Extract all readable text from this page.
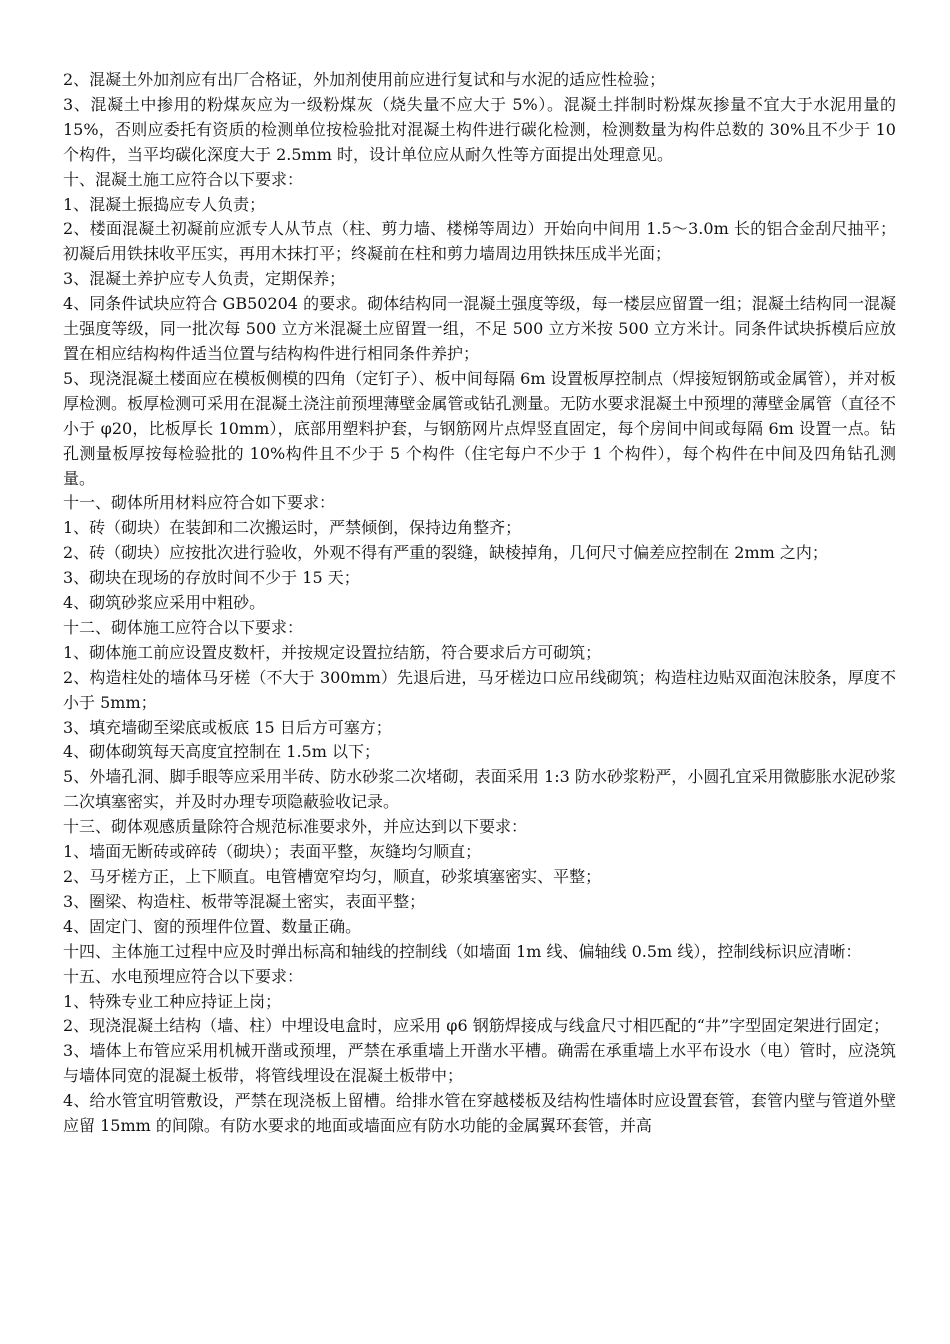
2、混凝土外加剂应有出厂合格证，外加剂使用前应进行复试和与水泥的适应性检验；

3、混凝土中掺用的粉煤灰应为一级粉煤灰（烧失量不应大于 5%）。混凝土拌制时粉煤灰掺量不宜大于水泥用量的 15%，否则应委托有资质的检测单位按检验批对混凝土构件进行碳化检测，检测数量为构件总数的 30%且不少于 10 个构件，当平均碳化深度大于 2.5mm 时，设计单位应从耐久性等方面提出处理意见。

十、混凝土施工应符合以下要求：

1、混凝土振捣应专人负责；

2、楼面混凝土初凝前应派专人从节点（柱、剪力墙、楼梯等周边）开始向中间用 1.5～3.0m 长的铝合金刮尺抽平；初凝后用铁抹收平压实，再用木抹打平；终凝前在柱和剪力墙周边用铁抹压成半光面；

3、混凝土养护应专人负责，定期保养；

4、同条件试块应符合 GB50204 的要求。砌体结构同一混凝土强度等级，每一楼层应留置一组；混凝土结构同一混凝土强度等级，同一批次每 500 立方米混凝土应留置一组，不足 500 立方米按 500 立方米计。同条件试块拆模后应放置在相应结构构件适当位置与结构构件进行相同条件养护；

5、现浇混凝土楼面应在模板侧模的四角（定钉子）、板中间每隔 6m 设置板厚控制点（焊接短钢筋或金属管），并对板厚检测。板厚检测可采用在混凝土浇注前预埋薄壁金属管或钻孔测量。无防水要求混凝土中预埋的薄壁金属管（直径不小于 φ20，比板厚长 10mm），底部用塑料护套，与钢筋网片点焊竖直固定，每个房间中间或每隔 6m 设置一点。钻孔测量板厚按每检验批的 10%构件且不少于 5 个构件（住宅每户不少于 1 个构件），每个构件在中间及四角钻孔测量。

十一、砌体所用材料应符合如下要求：

1、砖（砌块）在装卸和二次搬运时，严禁倾倒，保持边角整齐；

2、砖（砌块）应按批次进行验收，外观不得有严重的裂缝，缺棱掉角，几何尺寸偏差应控制在 2mm 之内；

3、砌块在现场的存放时间不少于 15 天；

4、砌筑砂浆应采用中粗砂。

十二、砌体施工应符合以下要求：

1、砌体施工前应设置皮数杆，并按规定设置拉结筋，符合要求后方可砌筑；

2、构造柱处的墙体马牙槎（不大于 300mm）先退后进，马牙槎边口应吊线砌筑；构造柱边贴双面泡沫胶条，厚度不小于 5mm；

3、填充墙砌至梁底或板底 15 日后方可塞方；

4、砌体砌筑每天高度宜控制在 1.5m 以下；

5、外墙孔洞、脚手眼等应采用半砖、防水砂浆二次堵砌，表面采用 1:3 防水砂浆粉严，小圆孔宜采用微膨胀水泥砂浆二次填塞密实，并及时办理专项隐蔽验收记录。

十三、砌体观感质量除符合规范标准要求外，并应达到以下要求：

1、墙面无断砖或碎砖（砌块）；表面平整，灰缝均匀顺直；

2、马牙槎方正，上下顺直。电管槽宽窄均匀，顺直，砂浆填塞密实、平整；

3、圈梁、构造柱、板带等混凝土密实，表面平整；

4、固定门、窗的预埋件位置、数量正确。

十四、主体施工过程中应及时弹出标高和轴线的控制线（如墙面 1m 线、偏轴线 0.5m 线），控制线标识应清晰：

十五、水电预埋应符合以下要求：

1、特殊专业工种应持证上岗；

2、现浇混凝土结构（墙、柱）中埋设电盒时，应采用 φ6 钢筋焊接成与线盒尺寸相匹配的“井”字型固定架进行固定；

3、墙体上布管应采用机械开凿或预埋，严禁在承重墙上开凿水平槽。确需在承重墙上水平布设水（电）管时，应浇筑与墙体同宽的混凝土板带，将管线埋设在混凝土板带中；

4、给水管宜明管敷设，严禁在现浇板上留槽。给排水管在穿越楼板及结构性墙体时应设置套管，套管内壁与管道外壁应留 15mm 的间隙。有防水要求的地面或墙面应有防水功能的金属翼环套管，并高
